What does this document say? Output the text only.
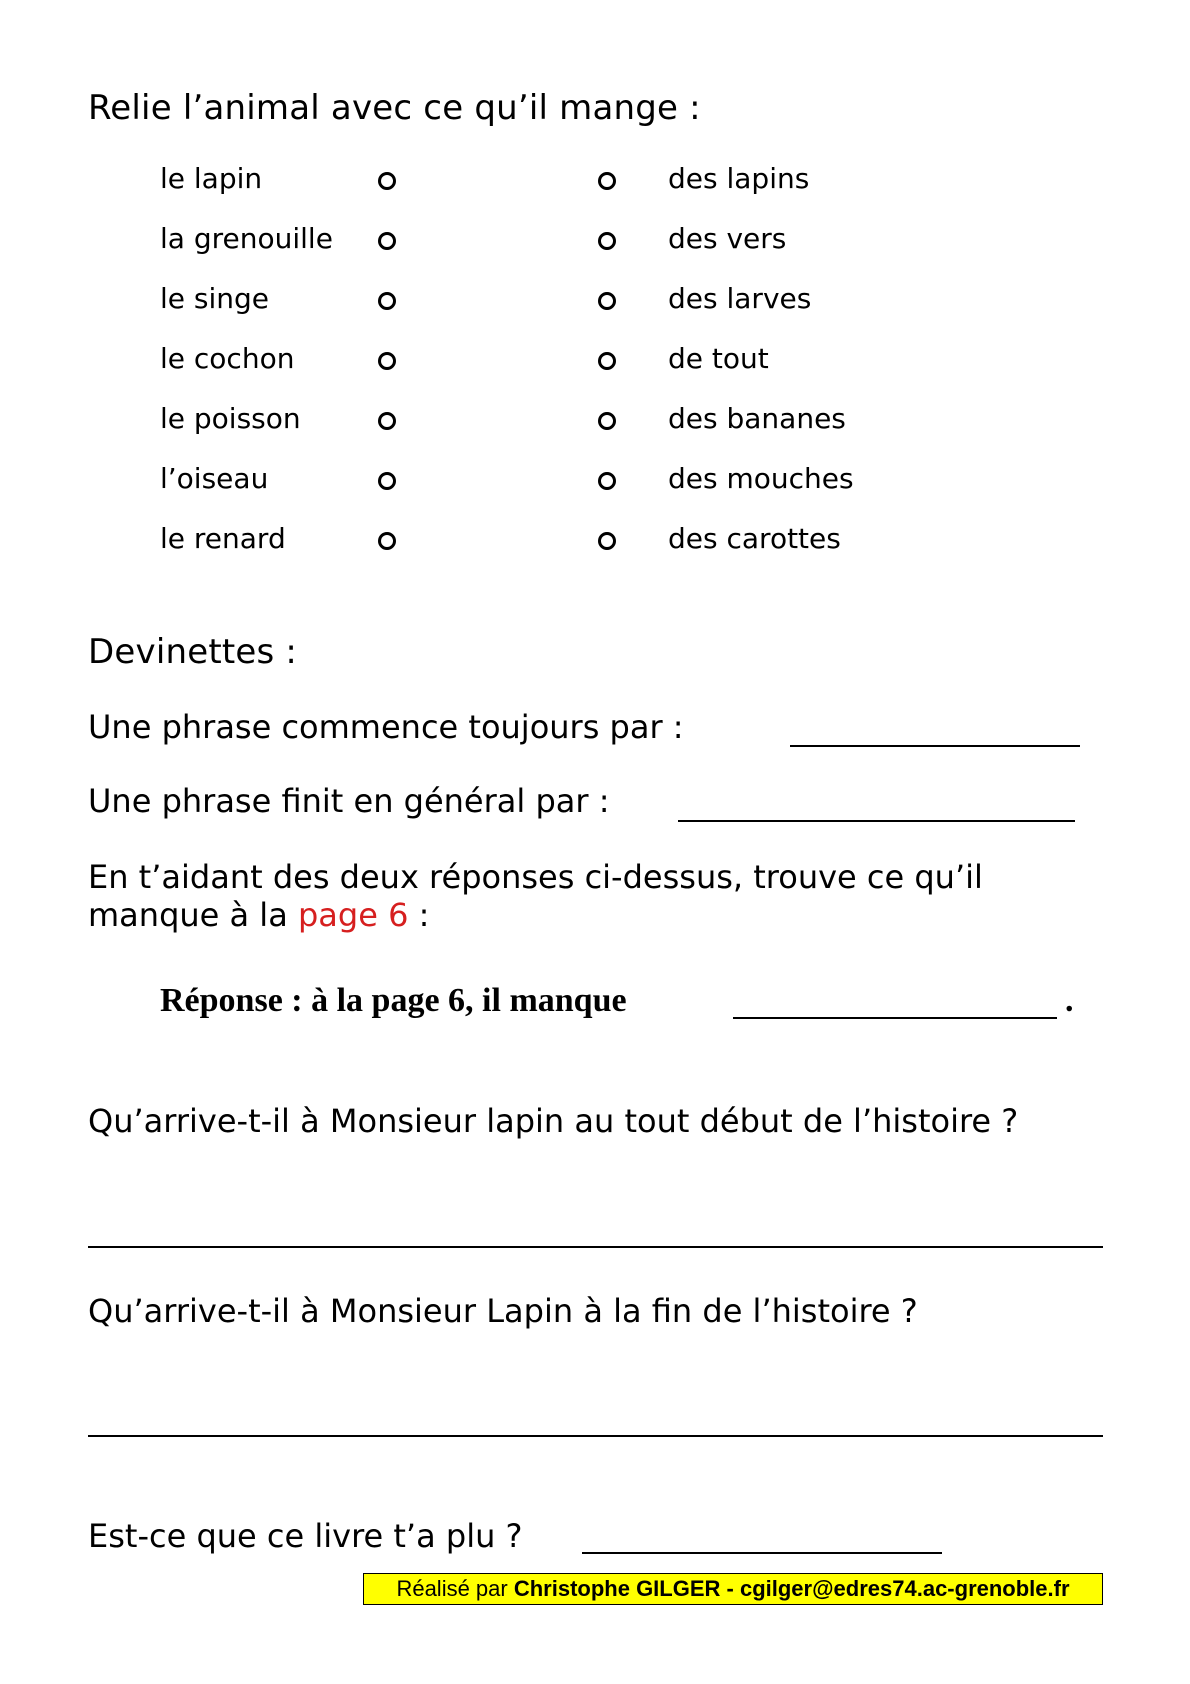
Relie l’animal avec ce qu’il mange :
le lapin	des lapins
la grenouille	des vers
le singe	des larves
le cochon	de tout
le poisson	des bananes
l’oiseau	des mouches
le renard	des carottes
Devinettes :
Une phrase commence toujours par :
Une phrase finit en général par :
En t’aidant des deux réponses ci-dessus, trouve ce qu’il manque à la page 6 :
Réponse : à la page 6, il manque	.
Qu’arrive-t-il à Monsieur lapin au tout début de l’histoire ?
Qu’arrive-t-il à Monsieur Lapin à la fin de l’histoire ?
Est-ce que ce livre t’a plu ?
Réalisé par Christophe GILGER - cgilger@edres74.ac-grenoble.fr
